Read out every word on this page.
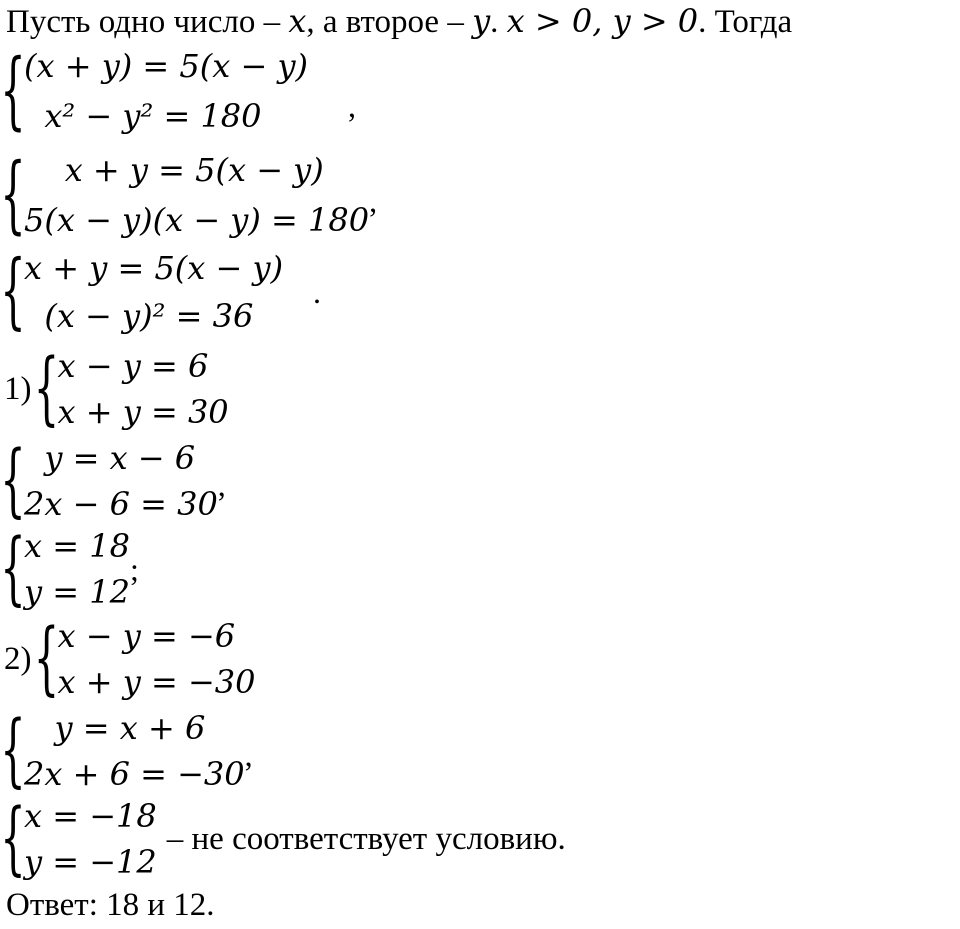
Пусть одно число – x, а второе – y. x > 0, y > 0. Тогда
{
(x + y) = 5(x − y)
x² − y² = 180	,
{
x + y = 5(x − y)
5(x − y)(x − y) = 180 ,
{
x + y = 5(x − y)
(x − y)² = 36
.
1) {
x − y = 6
x + y = 30
{
y = x − 6
2x − 6 = 30 ,
{
x = 18
y = 12
;
2) {
x − y = −6
x + y = −30
{
y = x + 6
2x + 6 = −30 ,
{
x = −18
y = −12
– не соответствует условию.
Ответ: 18 и 12.
